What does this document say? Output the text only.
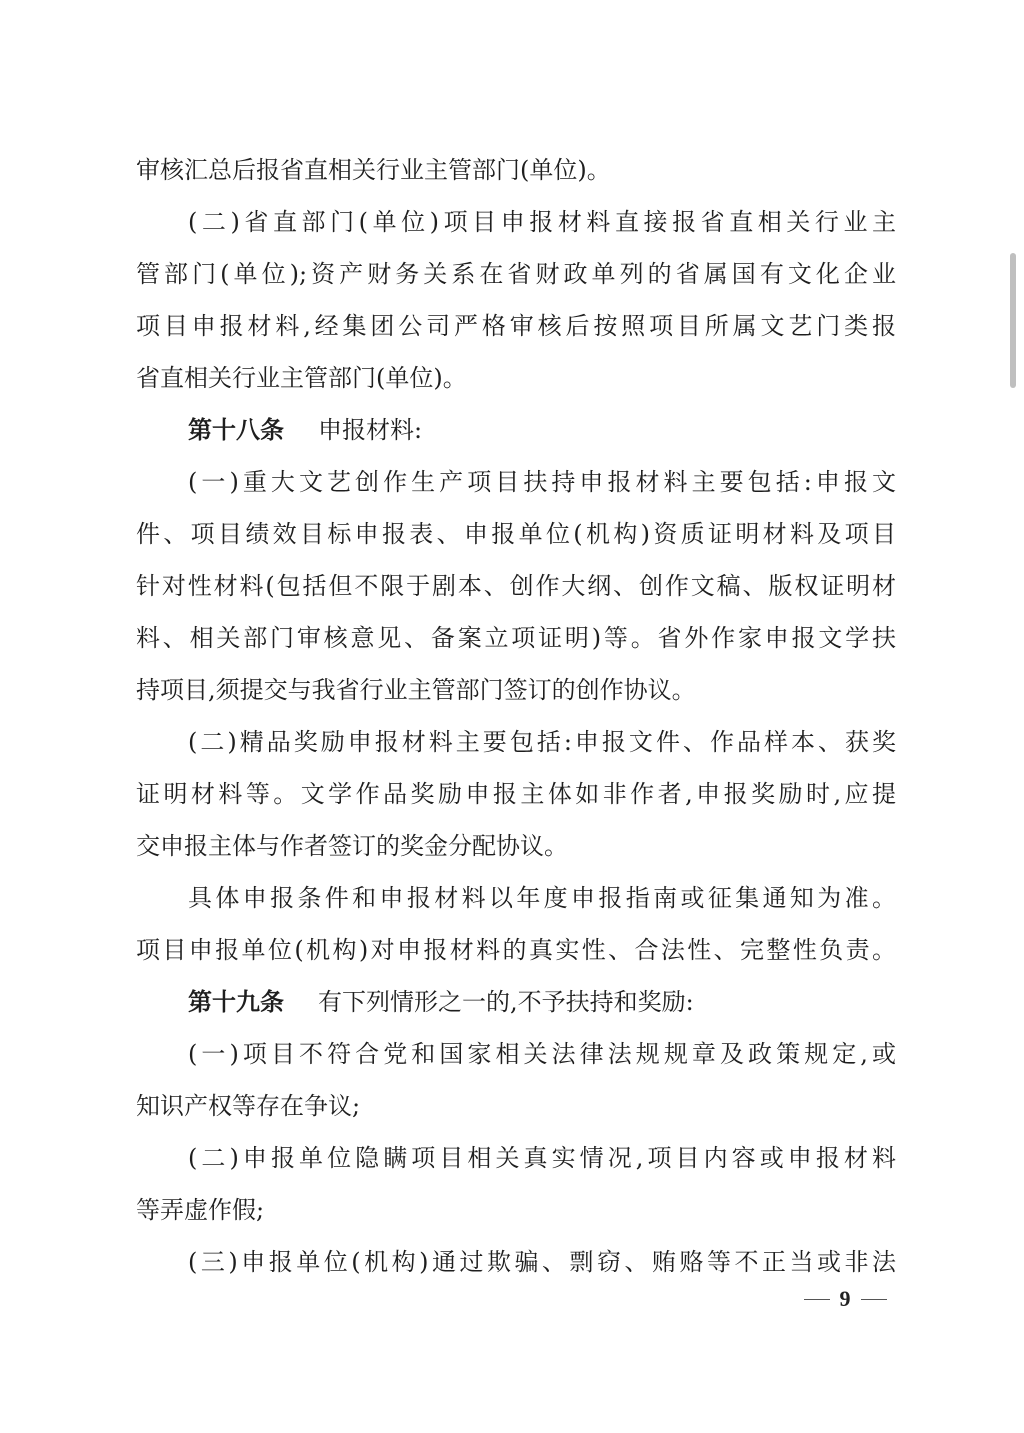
审核汇总后报省直相关行业主管部门(单位)。
(二)省直部门(单位)项目申报材料直接报省直相关行业主
管部门(单位);资产财务关系在省财政单列的省属国有文化企业
项目申报材料,经集团公司严格审核后按照项目所属文艺门类报
省直相关行业主管部门(单位)。
第十八条 申报材料:
(一)重大文艺创作生产项目扶持申报材料主要包括:申报文
件、项目绩效目标申报表、申报单位(机构)资质证明材料及项目
针对性材料(包括但不限于剧本、创作大纲、创作文稿、版权证明材
料、相关部门审核意见、备案立项证明)等。省外作家申报文学扶
持项目,须提交与我省行业主管部门签订的创作协议。
(二)精品奖励申报材料主要包括:申报文件、作品样本、获奖
证明材料等。文学作品奖励申报主体如非作者,申报奖励时,应提
交申报主体与作者签订的奖金分配协议。
具体申报条件和申报材料以年度申报指南或征集通知为准。
项目申报单位(机构)对申报材料的真实性、合法性、完整性负责。
第十九条 有下列情形之一的,不予扶持和奖励:
(一)项目不符合党和国家相关法律法规规章及政策规定,或
知识产权等存在争议;
(二)申报单位隐瞒项目相关真实情况,项目内容或申报材料
等弄虚作假;
(三)申报单位(机构)通过欺骗、剽窃、贿赂等不正当或非法
9
